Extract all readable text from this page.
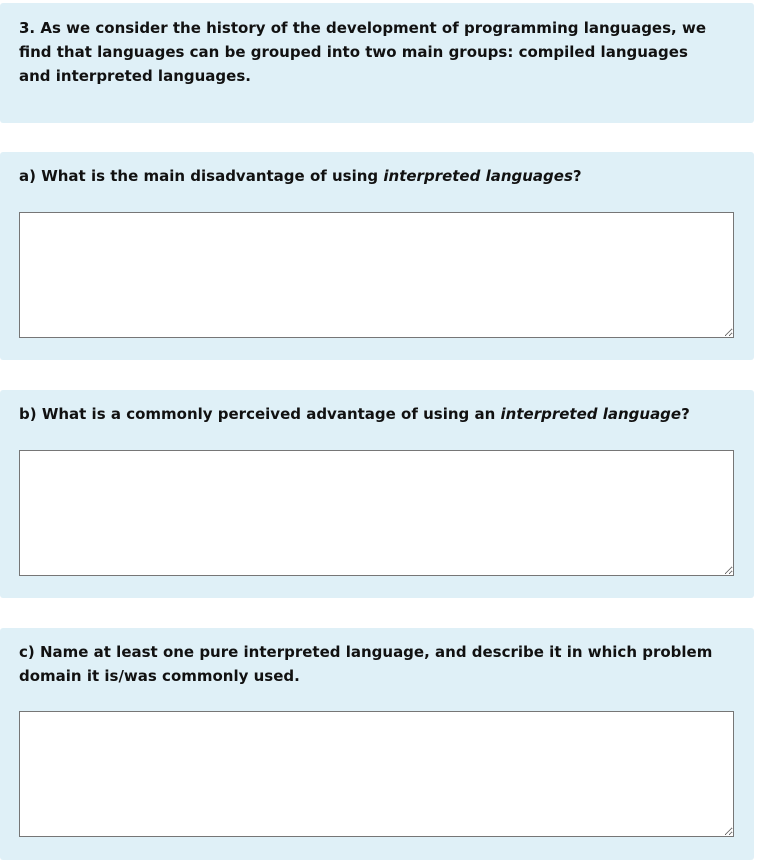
3. As we consider the history of the development of programming languages, we find that languages can be grouped into two main groups: compiled languages and interpreted languages.

a) What is the main disadvantage of using interpreted languages?

b) What is a commonly perceived advantage of using an interpreted language?

c) Name at least one pure interpreted language, and describe it in which problem domain it is/was commonly used.
